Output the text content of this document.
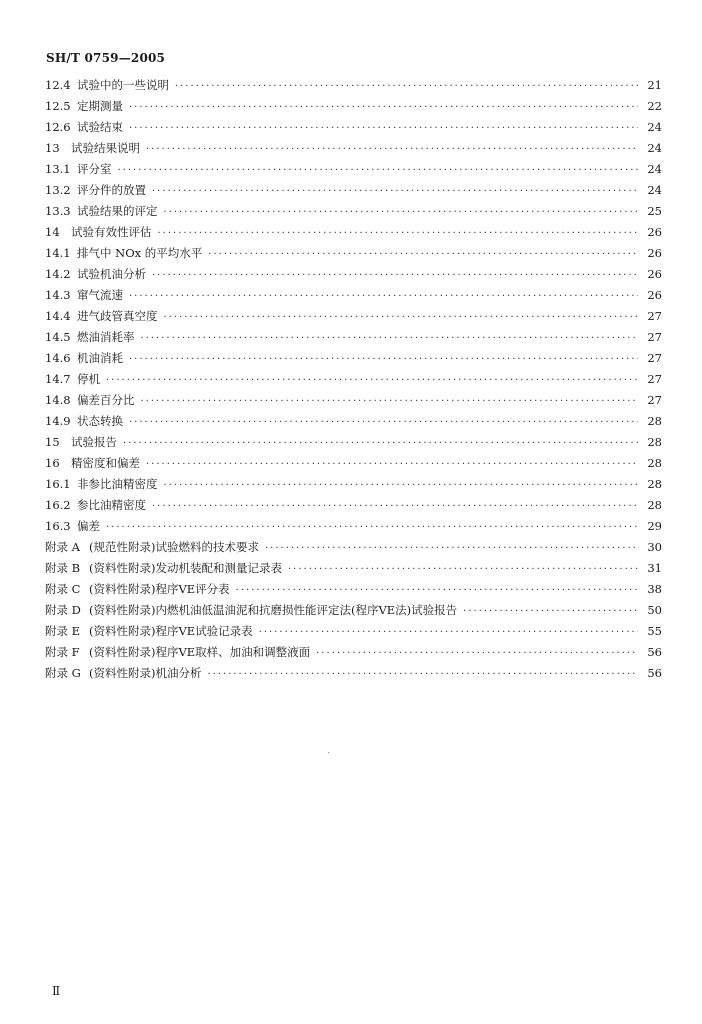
SH/T 0759—2005
12.4 试验中的一些说明 ·····	21
12.5 定期测量 ·····	22
12.6 试验结束 ·····	24
13 试验结果说明 ·····	24
13.1 评分室 ·····	24
13.2 评分件的放置 ·····	24
13.3 试验结果的评定 ·····	25
14 试验有效性评估 ·····	26
14.1 排气中 NOx 的平均水平 ·····	26
14.2 试验机油分析 ·····	26
14.3 窜气流速 ·····	26
14.4 进气歧管真空度 ·····	27
14.5 燃油消耗率 ·····	27
14.6 机油消耗 ·····	27
14.7 停机 ·····	27
14.8 偏差百分比 ·····	27
14.9 状态转换 ·····	28
15 试验报告 ·····	28
16 精密度和偏差 ·····	28
16.1 非参比油精密度 ·····	28
16.2 参比油精密度 ·····	28
16.3 偏差 ·····	29
附录 A (规范性附录)试验燃料的技术要求 ·····	30
附录 B (资料性附录)发动机装配和测量记录表 ·····	31
附录 C (资料性附录)程序ⅤE评分表 ·····	38
附录 D (资料性附录)内燃机油低温油泥和抗磨损性能评定法(程序ⅤE法)试验报告 ·····	50
附录 E (资料性附录)程序ⅤE试验记录表 ·····	55
附录 F (资料性附录)程序ⅤE取样、加油和调整液面 ·····	56
附录 G (资料性附录)机油分析 ·····	56
Ⅱ
